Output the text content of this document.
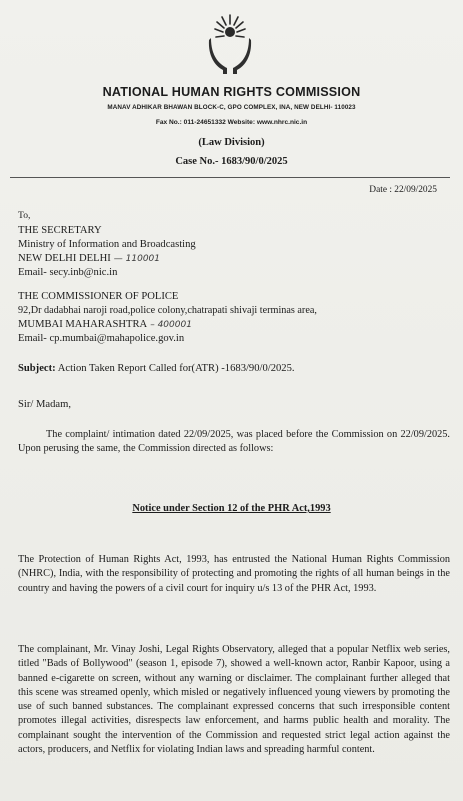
NATIONAL HUMAN RIGHTS COMMISSION
MANAV ADHIKAR BHAWAN BLOCK-C, GPO COMPLEX, INA, NEW DELHI- 110023
Fax No.: 011-24651332 Website: www.nhrc.nic.in
(Law Division)
Case No.- 1683/90/0/2025
Date : 22/09/2025
To,
THE SECRETARY
Ministry of Information and Broadcasting
NEW DELHI DELHI — 110001
Email- secy.inb@nic.in
THE COMMISSIONER OF POLICE
92,Dr dadabhai naroji road,police colony,chatrapati shivaji terminas area,
MUMBAI MAHARASHTRA – 400001
Email- cp.mumbai@mahapolice.gov.in
Subject: Action Taken Report Called for(ATR) -1683/90/0/2025.
Sir/ Madam,
The complaint/ intimation dated 22/09/2025, was placed before the Commission on 22/09/2025. Upon perusing the same, the Commission directed as follows:
Notice under Section 12 of the PHR Act,1993
The Protection of Human Rights Act, 1993, has entrusted the National Human Rights Commission (NHRC), India, with the responsibility of protecting and promoting the rights of all human beings in the country and having the powers of a civil court for inquiry u/s 13 of the PHR Act, 1993.
The complainant, Mr. Vinay Joshi, Legal Rights Observatory, alleged that a popular Netflix web series, titled "Bads of Bollywood" (season 1, episode 7), showed a well-known actor, Ranbir Kapoor, using a banned e-cigarette on screen, without any warning or disclaimer. The complainant further alleged that this scene was streamed openly, which misled or negatively influenced young viewers by promoting the use of such banned substances. The complainant expressed concerns that such irresponsible content promotes illegal activities, disrespects law enforcement, and harms public health and morality. The complainant sought the intervention of the Commission and requested strict legal action against the actors, producers, and Netflix for violating Indian laws and spreading harmful content.
